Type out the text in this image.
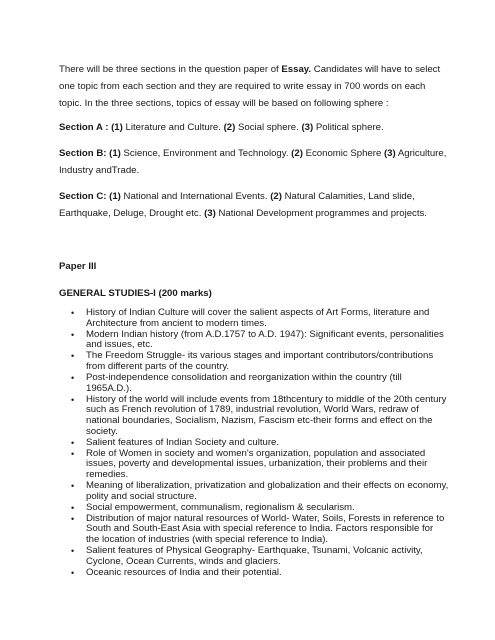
There will be three sections in the question paper of Essay. Candidates will have to select one topic from each section and they are required to write essay in 700 words on each topic. In the three sections, topics of essay will be based on following sphere :

Section A : (1) Literature and Culture. (2) Social sphere. (3) Political sphere.

Section B: (1) Science, Environment and Technology. (2) Economic Sphere (3) Agriculture, Industry andTrade.

Section C: (1) National and International Events. (2) Natural Calamities, Land slide, Earthquake, Deluge, Drought etc. (3) National Development programmes and projects.

Paper III

GENERAL STUDIES-I (200 marks)

• History of Indian Culture will cover the salient aspects of Art Forms, literature and Architecture from ancient to modern times.
• Modern Indian history (from A.D.1757 to A.D. 1947): Significant events, personalities and issues, etc.
• The Freedom Struggle- its various stages and important contributors/contributions from different parts of the country.
• Post-independence consolidation and reorganization within the country (till 1965A.D.).
• History of the world will include events from 18thcentury to middle of the 20th century such as French revolution of 1789, industrial revolution, World Wars, redraw of national boundaries, Socialism, Nazism, Fascism etc-their forms and effect on the society.
• Salient features of Indian Society and culture.
• Role of Women in society and women's organization, population and associated issues, poverty and developmental issues, urbanization, their problems and their remedies.
• Meaning of liberalization, privatization and globalization and their effects on economy, polity and social structure.
• Social empowerment, communalism, regionalism & secularism.
• Distribution of major natural resources of World- Water, Soils, Forests in reference to South and South-East Asia with special reference to India. Factors responsible for the location of industries (with special reference to India).
• Salient features of Physical Geography- Earthquake, Tsunami, Volcanic activity, Cyclone, Ocean Currents, winds and glaciers.
• Oceanic resources of India and their potential.
